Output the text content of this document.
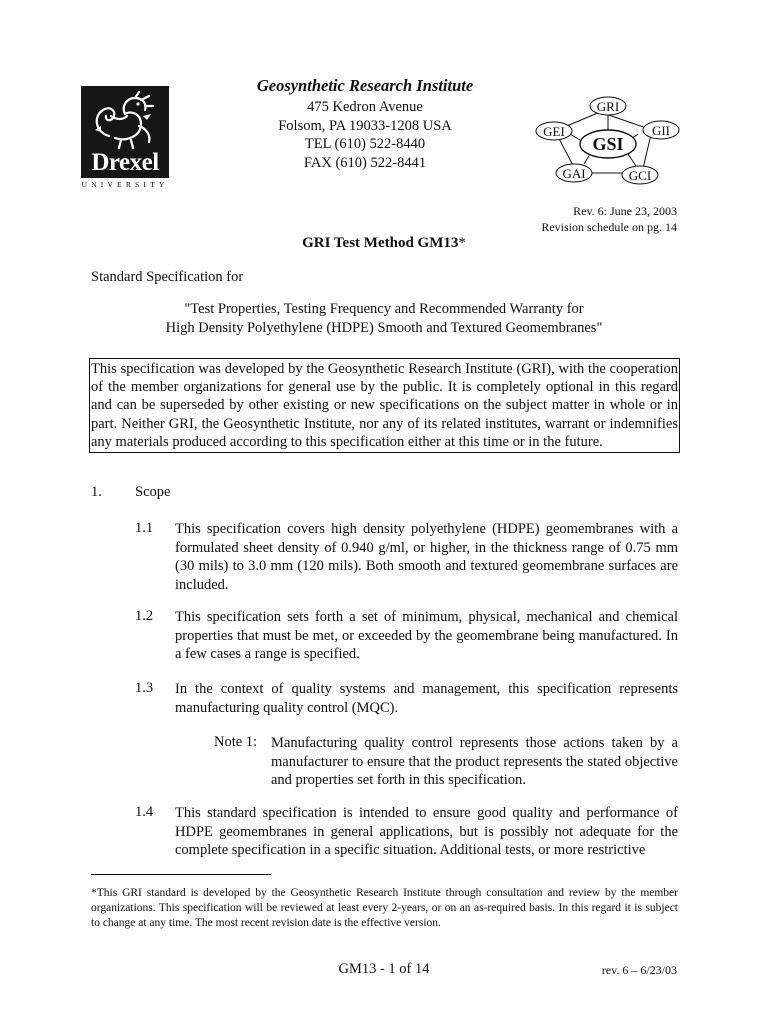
Drexel
UNIVERSITY
Geosynthetic Research Institute
475 Kedron Avenue
Folsom, PA 19033-1208 USA
TEL (610) 522-8440
FAX (610) 522-8441
GSI
GRI
GII
GCI
GAI
GEI
Rev. 6: June 23, 2003
Revision schedule on pg. 14
GRI Test Method GM13*
Standard Specification for
"Test Properties, Testing Frequency and Recommended Warranty for
High Density Polyethylene (HDPE) Smooth and Textured Geomembranes"
This specification was developed by the Geosynthetic Research Institute (GRI), with the cooperation of the member organizations for general use by the public. It is completely optional in this regard and can be superseded by other existing or new specifications on the subject matter in whole or in part. Neither GRI, the Geosynthetic Institute, nor any of its related institutes, warrant or indemnifies any materials produced according to this specification either at this time or in the future.
1. Scope
1.1 This specification covers high density polyethylene (HDPE) geomembranes with a formulated sheet density of 0.940 g/ml, or higher, in the thickness range of 0.75 mm (30 mils) to 3.0 mm (120 mils). Both smooth and textured geomembrane surfaces are included.
1.2 This specification sets forth a set of minimum, physical, mechanical and chemical properties that must be met, or exceeded by the geomembrane being manufactured. In a few cases a range is specified.
1.3 In the context of quality systems and management, this specification represents manufacturing quality control (MQC).
Note 1: Manufacturing quality control represents those actions taken by a manufacturer to ensure that the product represents the stated objective and properties set forth in this specification.
1.4 This standard specification is intended to ensure good quality and performance of HDPE geomembranes in general applications, but is possibly not adequate for the complete specification in a specific situation. Additional tests, or more restrictive
*This GRI standard is developed by the Geosynthetic Research Institute through consultation and review by the member organizations. This specification will be reviewed at least every 2-years, or on an as-required basis. In this regard it is subject to change at any time. The most recent revision date is the effective version.
GM13 - 1 of 14	rev. 6 – 6/23/03
